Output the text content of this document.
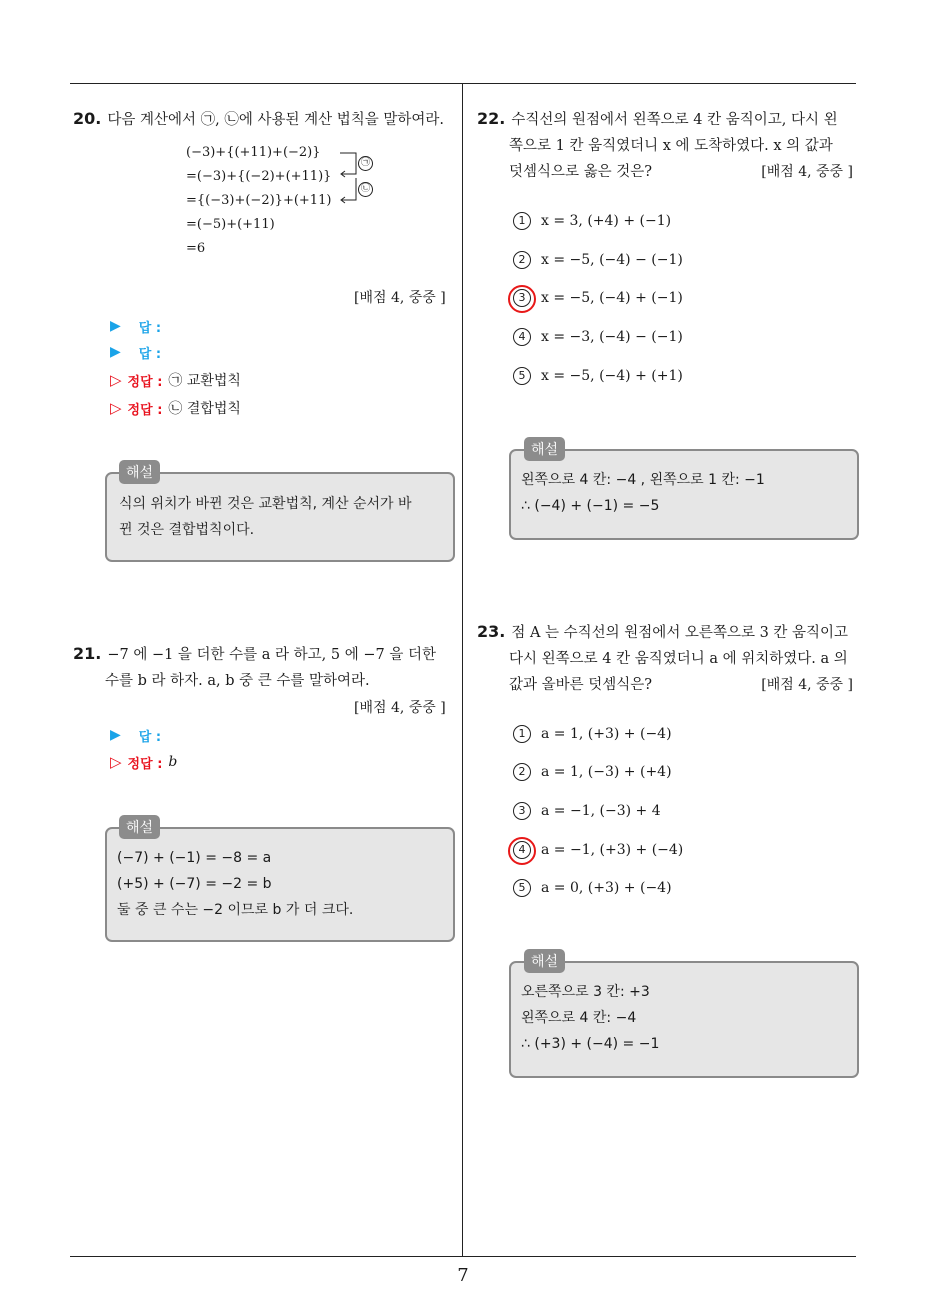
7
20. 다음 계산에서 ㉠, ㉡에 사용된 계산 법칙을 말하여라.
(−3)+{(+11)+(−2)}
=(−3)+{(−2)+(+11)}
={(−3)+(−2)}+(+11)
=(−5)+(+11)
=6
㉠
㉡
[배점 4, 중중 ]
▶ 답 :
▶ 답 :
▷ 정답 : ㉠ 교환법칙
▷ 정답 : ㉡ 결합법칙
해설
식의 위치가 바뀐 것은 교환법칙, 계산 순서가 바
뀐 것은 결합법칙이다.
21. −7 에 −1 을 더한 수를 a 라 하고, 5 에 −7 을 더한
수를 b 라 하자. a, b 중 큰 수를 말하여라.
[배점 4, 중중 ]
▶ 답 :
▷ 정답 : b
해설
(−7) + (−1) = −8 = a
(+5) + (−7) = −2 = b
둘 중 큰 수는 −2 이므로 b 가 더 크다.
22. 수직선의 원점에서 왼쪽으로 4 칸 움직이고, 다시 왼
쪽으로 1 칸 움직였더니 x 에 도착하였다. x 의 값과
덧셈식으로 옳은 것은?	[배점 4, 중중 ]
1	x = 3, (+4) + (−1)
2	x = −5, (−4) − (−1)
3	x = −5, (−4) + (−1)
4	x = −3, (−4) − (−1)
5	x = −5, (−4) + (+1)
해설
왼쪽으로 4 칸: −4 , 왼쪽으로 1 칸: −1
∴ (−4) + (−1) = −5
23. 점 A 는 수직선의 원점에서 오른쪽으로 3 칸 움직이고
다시 왼쪽으로 4 칸 움직였더니 a 에 위치하였다. a 의
값과 올바른 덧셈식은?	[배점 4, 중중 ]
1	a = 1, (+3) + (−4)
2	a = 1, (−3) + (+4)
3	a = −1, (−3) + 4
4	a = −1, (+3) + (−4)
5	a = 0, (+3) + (−4)
해설
오른쪽으로 3 칸: +3
왼쪽으로 4 칸: −4
∴ (+3) + (−4) = −1
